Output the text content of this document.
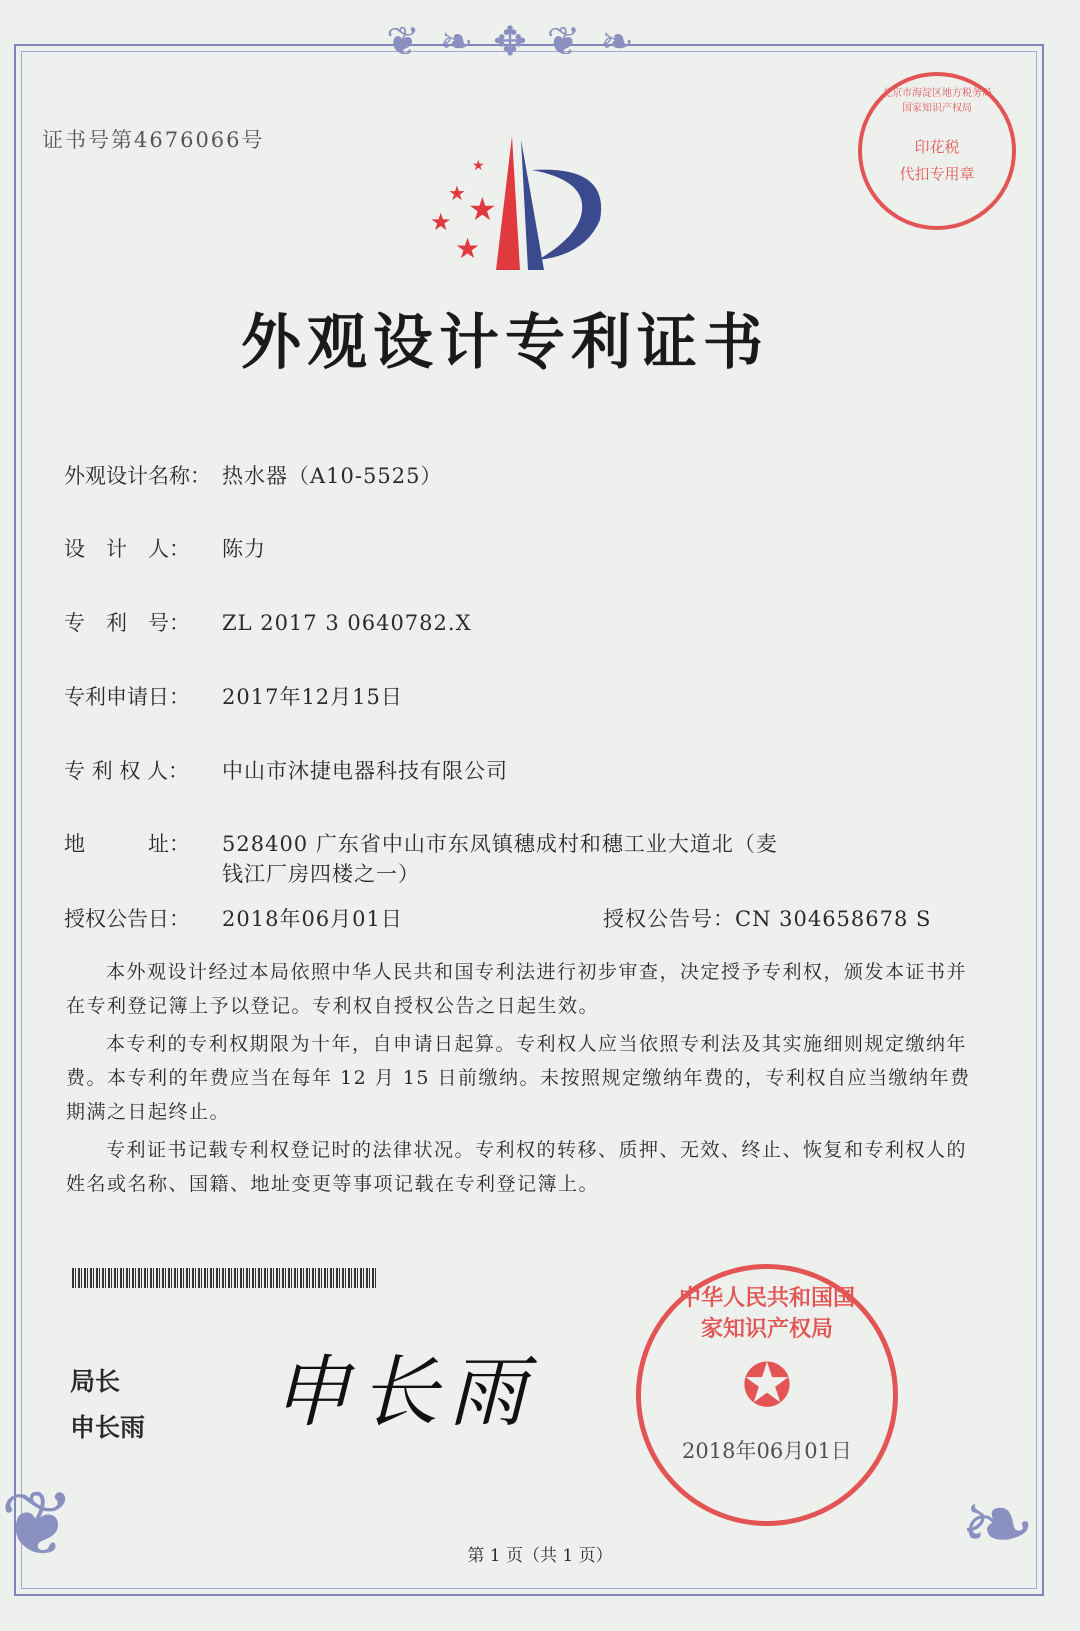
❦❧✥❦❧
❦	❧
证书号第4676066号
★
★ ★
★
★
北京市海淀区地方税务局 国家知识产权局
印花税
代扣专用章
外观设计专利证书
外观设计名称： 热水器（A10-5525）
设　计　人： 陈力
专　利　号： ZL 2017 3 0640782.X
专利申请日： 2017年12月15日
专 利 权 人： 中山市沐捷电器科技有限公司
地　　　址： 528400 广东省中山市东凤镇穗成村和穗工业大道北（麦
钱江厂房四楼之一）
授权公告日： 2018年06月01日	授权公告号：CN 304658678 S
本外观设计经过本局依照中华人民共和国专利法进行初步审查，决定授予专利权，颁发本证书并在专利登记簿上予以登记。专利权自授权公告之日起生效。
本专利的专利权期限为十年，自申请日起算。专利权人应当依照专利法及其实施细则规定缴纳年费。本专利的年费应当在每年 12 月 15 日前缴纳。未按照规定缴纳年费的，专利权自应当缴纳年费期满之日起终止。
专利证书记载专利权登记时的法律状况。专利权的转移、质押、无效、终止、恢复和专利权人的姓名或名称、国籍、地址变更等事项记载在专利登记簿上。
局长
申长雨 申长雨
中华人民共和国国家知识产权局
✪
2018年06月01日
第 1 页（共 1 页）
